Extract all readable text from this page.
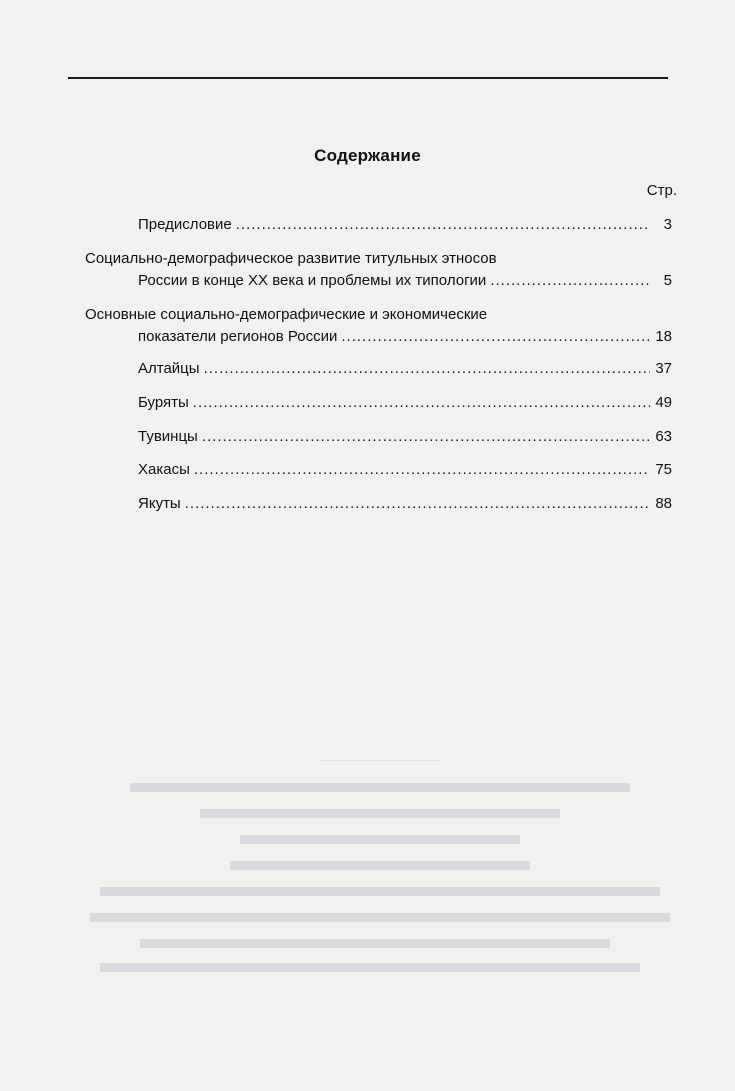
Содержание
Стр.
Предисловие .....	3
Социально-демографическое развитие титульных этносов
России в конце XX века и проблемы их типологии .....	5
Основные социально-демографические и экономические
показатели регионов России .....	18
Алтайцы .....	37
Буряты .....	49
Тувинцы .....	63
Хакасы .....	75
Якуты .....	88
